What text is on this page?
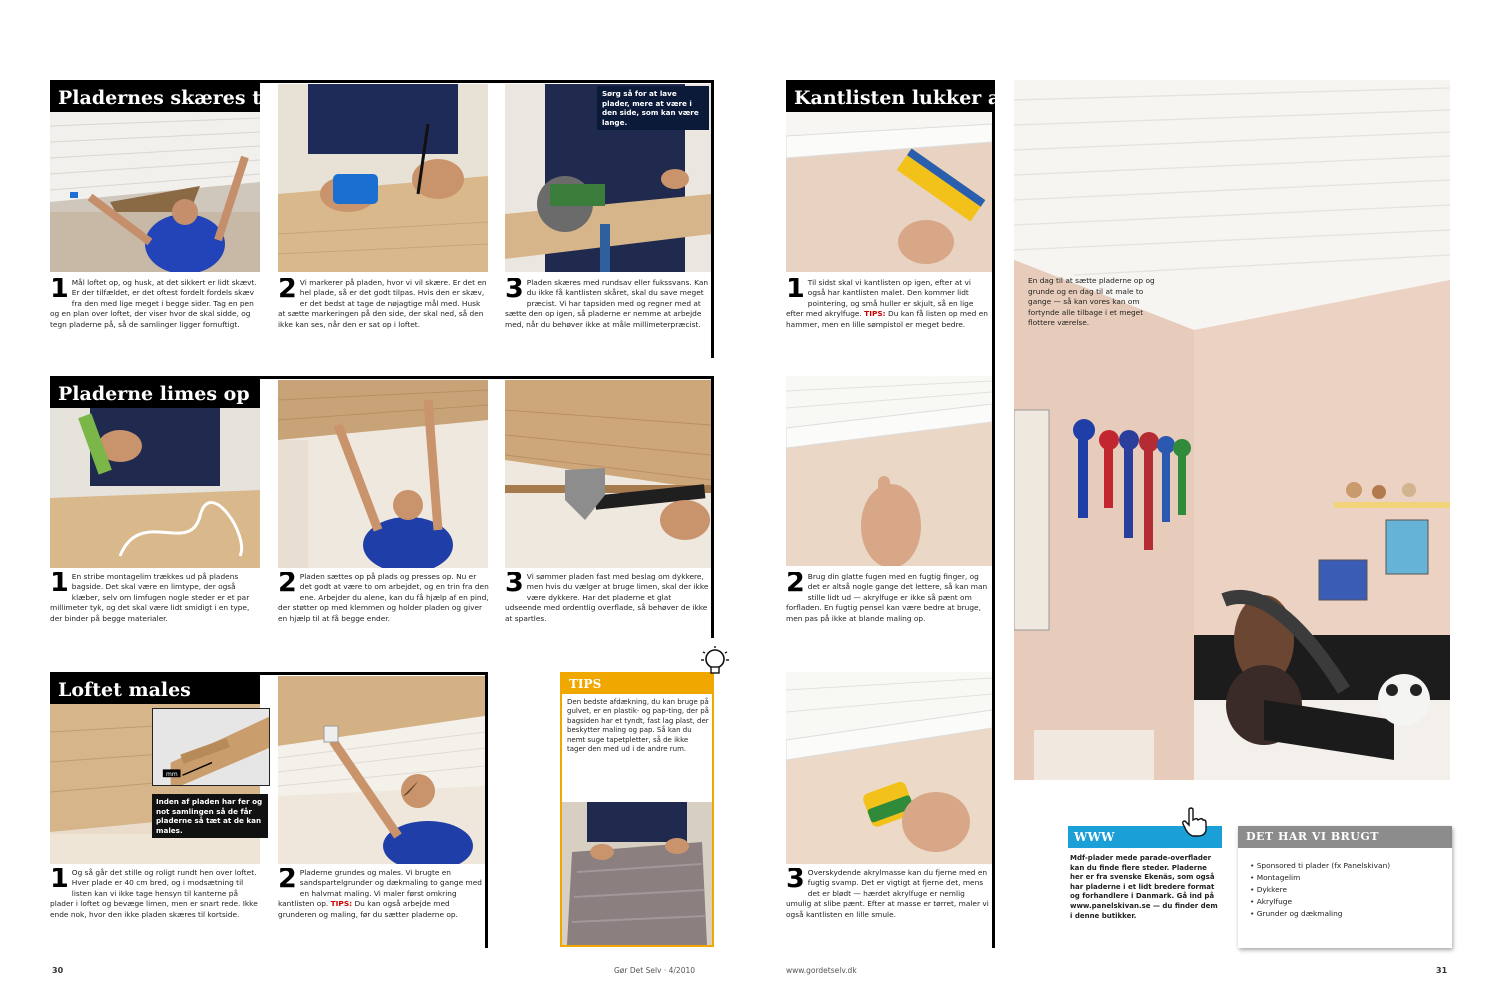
Pladernes skæres til	Sørg så for at lave plader, mere at være i den side, som kan være lange.
1 Mål loftet op, og husk, at det sikkert er lidt skævt. Er der tilfældet, er det oftest fordelt fordels skæv fra den med lige meget i begge sider. Tag en pen og en plan over loftet, der viser hvor de skal sidde, og tegn pladerne på, så de samlinger ligger fornuftigt.
2 Vi markerer på pladen, hvor vi vil skære. Er det en hel plade, så er det godt tilpas. Hvis den er skæv, er det bedst at tage de nøjagtige mål med. Husk at sætte markeringen på den side, der skal ned, så den ikke kan ses, når den er sat op i loftet.
3 Pladen skæres med rundsav eller fukssvans. Kan du ikke få kantlisten skåret, skal du save meget præcist. Vi har tapsiden med og regner med at sætte den op igen, så pladerne er nemme at arbejde med, når du behøver ikke at måle millimeterpræcist.
Pladerne limes op
1 En stribe montagelim trækkes ud på pladens bagside. Det skal være en limtype, der også klæber, selv om limfugen nogle steder er et par millimeter tyk, og det skal være lidt smidigt i en type, der binder på begge materialer.
2 Pladen sættes op på plads og presses op. Nu er det godt at være to om arbejdet, og en trin fra den ene. Arbejder du alene, kan du få hjælp af en pind, der støtter op med klemmen og holder pladen og giver en hjælp til at få begge ender.
3 Vi sømmer pladen fast med beslag om dykkere, men hvis du vælger at bruge limen, skal der ikke være dykkere. Har det pladerne et glat udseende med ordentlig overflade, så behøver de ikke at spartles.
mm
Loftet males
Inden af pladen har fer og not samlingen så de får pladerne så tæt at de kan males.
1 Og så går det stille og roligt rundt hen over loftet. Hver plade er 40 cm bred, og i modsætning til listen kan vi ikke tage hensyn til kanterne på plader i loftet og bevæge limen, men er snart rede. Ikke ende nok, hvor den ikke pladen skæres til kortside.
2 Pladerne grundes og males. Vi brugte en sandspartelgrunder og dækmaling to gange med en halvmat maling. Vi maler først omkring kantlisten op. TIPS: Du kan også arbejde med grunderen og maling, før du sætter pladerne op.
TIPS
Den bedste afdækning, du kan bruge på gulvet, er en plastik- og pap-ting, der på bagsiden har et tyndt, fast lag plast, der beskytter maling og pap. Så kan du nemt suge tapetpletter, så de ikke tager den med ud i de andre rum.
30	Gør Det Selv · 4/2010
Kantlisten lukker af
1 Til sidst skal vi kantlisten op igen, efter at vi også har kantlisten malet. Den kommer lidt pointering, og små huller er skjult, så en lige efter med akrylfuge. TIPS: Du kan få listen op med en hammer, men en lille sømpistol er meget bedre.
2 Brug din glatte fugen med en fugtig finger, og det er altså nogle gange det lettere, så kan man stille lidt ud — akrylfuge er ikke så pænt om forfladen. En fugtig pensel kan være bedre at bruge, men pas på ikke at blande maling op.
3 Overskydende akrylmasse kan du fjerne med en fugtig svamp. Det er vigtigt at fjerne det, mens det er blødt — hærdet akrylfuge er nemlig umulig at slibe pænt. Efter at masse er tørret, maler vi også kantlisten en lille smule.
En dag til at sætte pladerne op og grunde og en dag til at male to gange — så kan vores kan om fortynde alle tilbage i et meget flottere værelse.
WWW
Mdf-plader mede parade-overflader kan du finde flere steder. Pladerne her er fra svenske Ekenäs, som også har pladerne i et lidt bredere format og forhandlere i Danmark. Gå ind på www.panelskivan.se — du finder dem i denne butikker.
DET HAR VI BRUGT
• Sponsored ti plader (fx Panelskivan)
• Montagelim
• Dykkere
• Akrylfuge
• Grunder og dækmaling
www.gordetselv.dk	31
